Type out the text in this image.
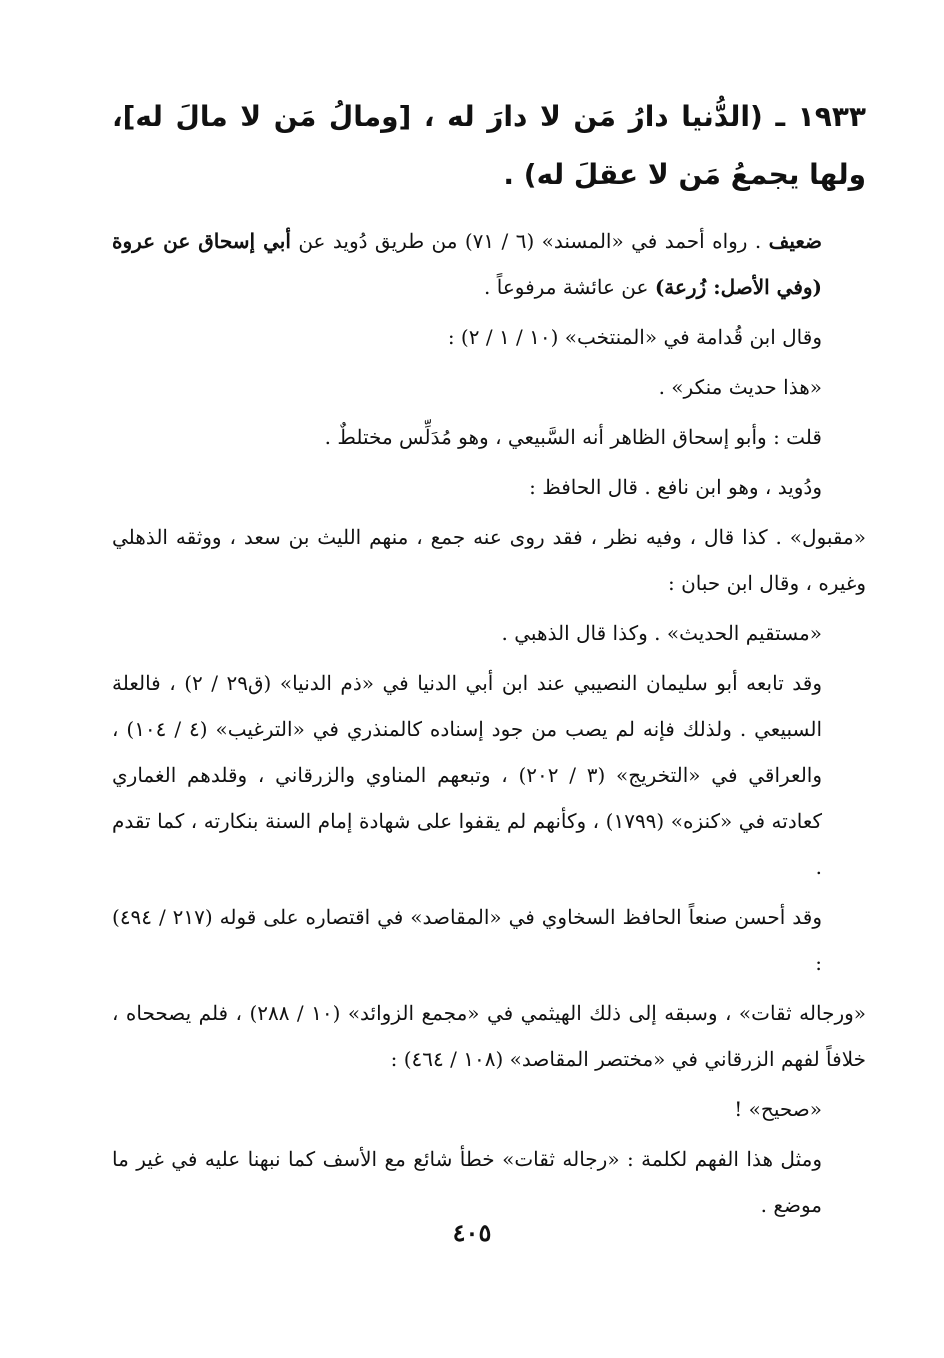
١٩٣٣ ـ (الدُّنيا دارُ مَن لا دارَ له ، [ومالُ مَن لا مالَ له]، ولها يجمعُ مَن لا عقلَ له) .

ضعيف . رواه أحمد في «المسند» (٦ / ٧١) من طريق دُويد عن أبي إسحاق عن عروة (وفي الأصل: زُرعة) عن عائشة مرفوعاً .

وقال ابن قُدامة في «المنتخب» (١٠ / ١ / ٢) :

«هذا حديث منكر» .

قلت : وأبو إسحاق الظاهر أنه السَّبيعي ، وهو مُدَلِّس مختلطٌ .

ودُويد ، وهو ابن نافع . قال الحافظ :

«مقبول» . كذا قال ، وفيه نظر ، فقد روى عنه جمع ، منهم الليث بن سعد ، ووثقه الذهلي وغيره ، وقال ابن حبان :

«مستقيم الحديث» . وكذا قال الذهبي .

وقد تابعه أبو سليمان النصيبي عند ابن أبي الدنيا في «ذم الدنيا» (ق٢٩ / ٢) ، فالعلة السبيعي . ولذلك فإنه لم يصب من جود إسناده كالمنذري في «الترغيب» (٤ / ١٠٤) ، والعراقي في «التخريج» (٣ / ٢٠٢) ، وتبعهم المناوي والزرقاني ، وقلدهم الغماري كعادته في «كنزه» (١٧٩٩) ، وكأنهم لم يقفوا على شهادة إمام السنة بنكارته ، كما تقدم .

وقد أحسن صنعاً الحافظ السخاوي في «المقاصد» في اقتصاره على قوله (٢١٧ / ٤٩٤) :

«ورجاله ثقات» ، وسبقه إلى ذلك الهيثمي في «مجمع الزوائد» (١٠ / ٢٨٨) ، فلم يصححاه ، خلافاً لفهم الزرقاني في «مختصر المقاصد» (١٠٨ / ٤٦٤) :

«صحيح» !

ومثل هذا الفهم لكلمة : «رجاله ثقات» خطأ شائع مع الأسف كما نبهنا عليه في غير ما موضع .

٤٠٥
